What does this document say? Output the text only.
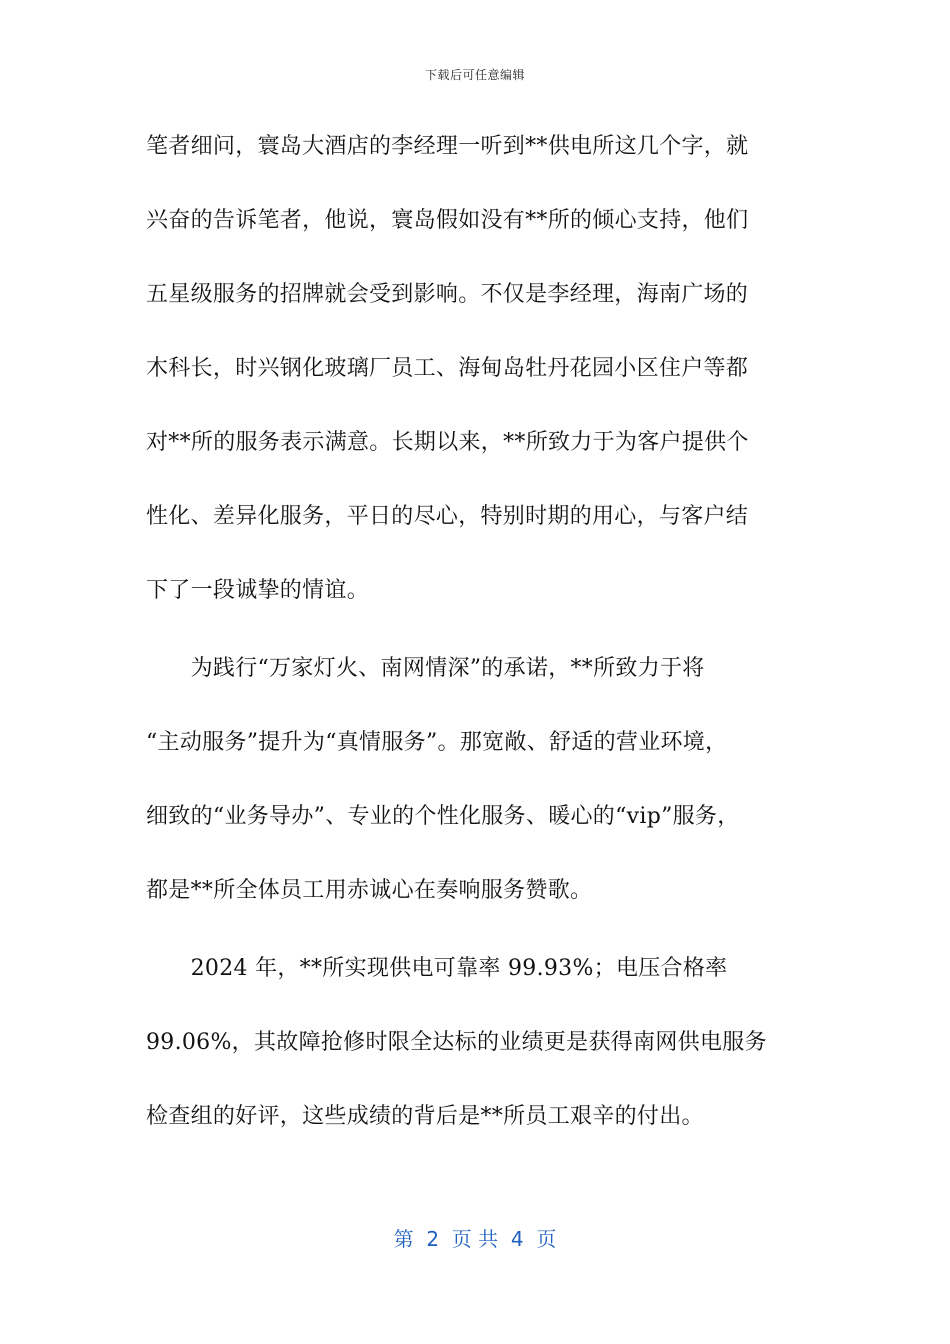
下载后可任意编辑
笔者细问，寰岛大酒店的李经理一听到**供电所这几个字，就
兴奋的告诉笔者，他说，寰岛假如没有**所的倾心支持，他们
五星级服务的招牌就会受到影响。不仅是李经理，海南广场的
木科长，时兴钢化玻璃厂员工、海甸岛牡丹花园小区住户等都
对**所的服务表示满意。长期以来，**所致力于为客户提供个
性化、差异化服务，平日的尽心，特别时期的用心，与客户结
下了一段诚挚的情谊。
　　为践行“万家灯火、南网情深”的承诺，**所致力于将
“主动服务”提升为“真情服务”。那宽敞、舒适的营业环境，
细致的“业务导办”、专业的个性化服务、暖心的“vip”服务，
都是**所全体员工用赤诚心在奏响服务赞歌。
　　2024 年，**所实现供电可靠率 99.93%；电压合格率
99.06%，其故障抢修时限全达标的业绩更是获得南网供电服务
检查组的好评，这些成绩的背后是**所员工艰辛的付出。
第  2  页 共  4  页
